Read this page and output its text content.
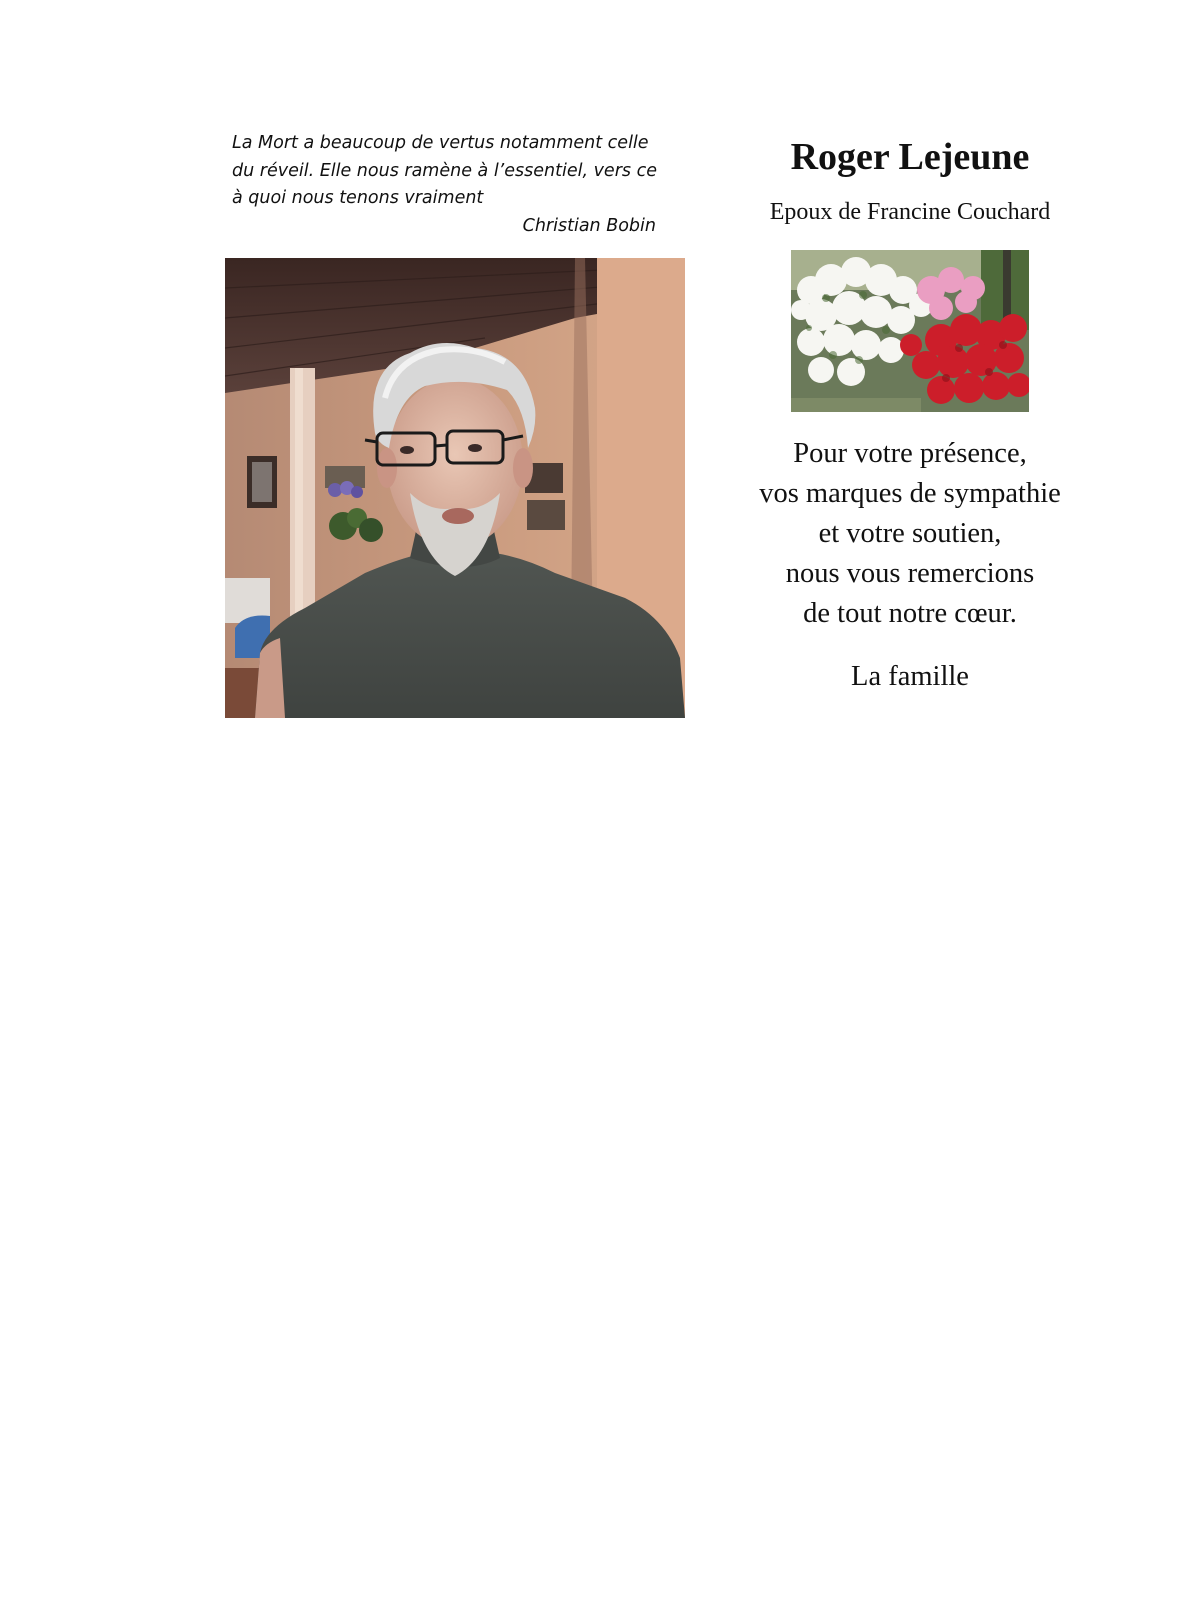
La Mort a beaucoup de vertus notamment celle
du réveil. Elle nous ramène à l’essentiel, vers ce
à quoi nous tenons vraiment
Christian Bobin
Roger Lejeune
Epoux de Francine Couchard
Pour votre présence,
vos marques de sympathie
et votre soutien,
nous vous remercions
de tout notre cœur.
La famille
